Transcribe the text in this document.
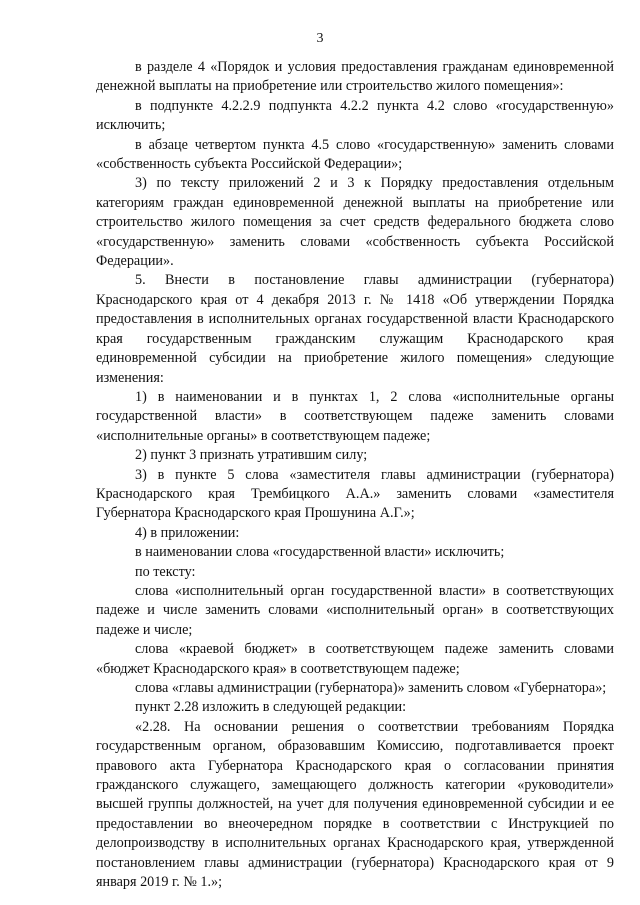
3

в разделе 4 «Порядок и условия предоставления гражданам единовременной денежной выплаты на приобретение или строительство жилого помещения»:

в подпункте 4.2.2.9 подпункта 4.2.2 пункта 4.2 слово «государственную» исключить;

в абзаце четвертом пункта 4.5 слово «государственную» заменить словами «собственность субъекта Российской Федерации»;

3) по тексту приложений 2 и 3 к Порядку предоставления отдельным категориям граждан единовременной денежной выплаты на приобретение или строительство жилого помещения за счет средств федерального бюджета слово «государственную» заменить словами «собственность субъекта Российской Федерации».

5. Внести в постановление главы администрации (губернатора) Краснодарского края от 4 декабря 2013 г. № 1418 «Об утверждении Порядка предоставления в исполнительных органах государственной власти Краснодарского края государственным гражданским служащим Краснодарского края единовременной субсидии на приобретение жилого помещения» следующие изменения:

1) в наименовании и в пунктах 1, 2 слова «исполнительные органы государственной власти» в соответствующем падеже заменить словами «исполнительные органы» в соответствующем падеже;

2) пункт 3 признать утратившим силу;

3) в пункте 5 слова «заместителя главы администрации (губернатора) Краснодарского края Трембицкого А.А.» заменить словами «заместителя Губернатора Краснодарского края Прошунина А.Г.»;

4) в приложении:

в наименовании слова «государственной власти» исключить;

по тексту:

слова «исполнительный орган государственной власти» в соответствующих падеже и числе заменить словами «исполнительный орган» в соответствующих падеже и числе;

слова «краевой бюджет» в соответствующем падеже заменить словами «бюджет Краснодарского края» в соответствующем падеже;

слова «главы администрации (губернатора)» заменить словом «Губернатора»;

пункт 2.28 изложить в следующей редакции:

«2.28. На основании решения о соответствии требованиям Порядка государственным органом, образовавшим Комиссию, подготавливается проект правового акта Губернатора Краснодарского края о согласовании принятия гражданского служащего, замещающего должность категории «руководители» высшей группы должностей, на учет для получения единовременной субсидии и ее предоставлении во внеочередном порядке в соответствии с Инструкцией по делопроизводству в исполнительных органах Краснодарского края, утвержденной постановлением главы администрации (губернатора) Краснодарского края от 9 января 2019 г. № 1.»;
